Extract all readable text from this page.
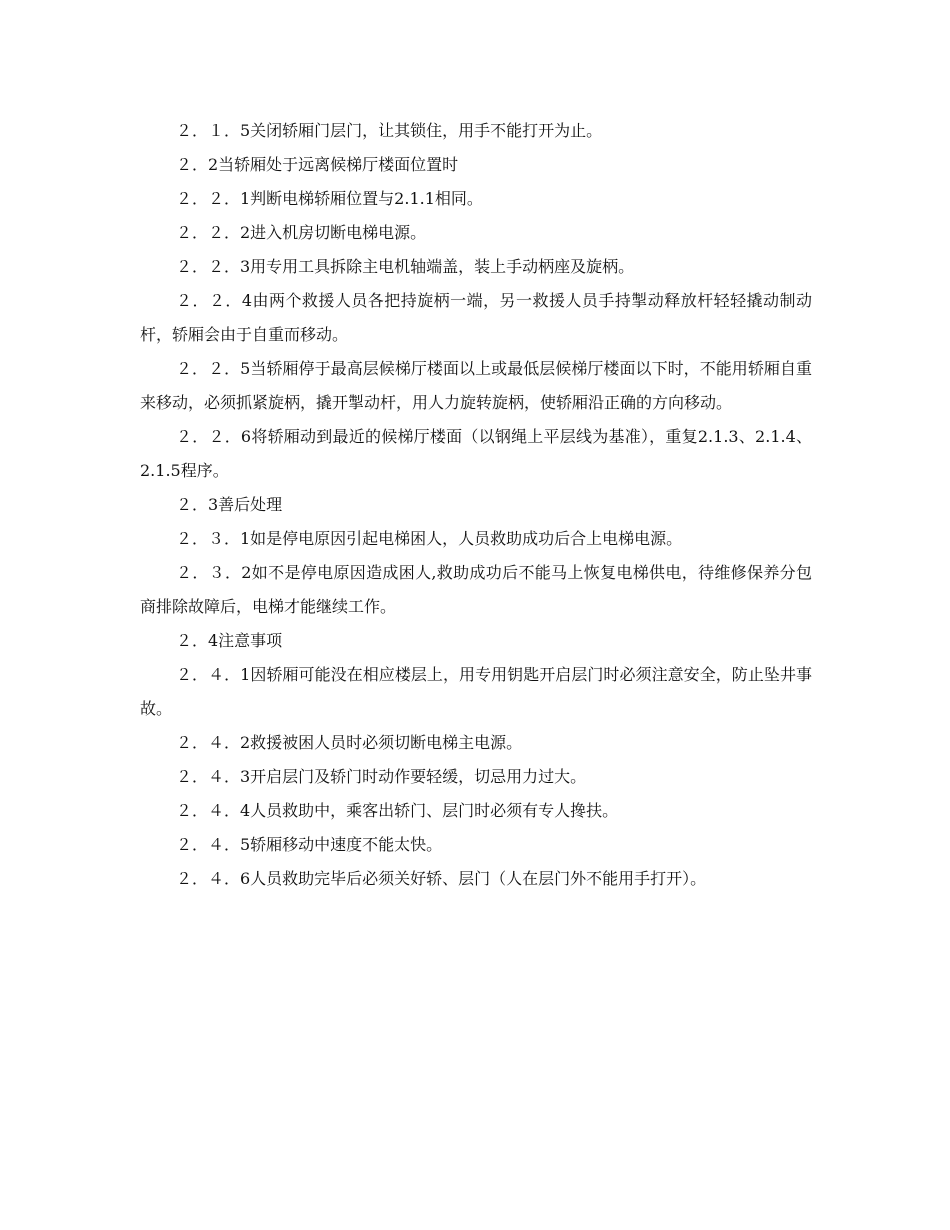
２．１．5关闭轿厢门层门，让其锁住，用手不能打开为止。

２．2当轿厢处于远离候梯厅楼面位置时

２．２．1判断电梯轿厢位置与2.1.1相同。

２．２．2进入机房切断电梯电源。

２．２．3用专用工具拆除主电机轴端盖，装上手动柄座及旋柄。

２．２．4由两个救援人员各把持旋柄一端，另一救援人员手持掣动释放杆轻轻撬动制动杆，轿厢会由于自重而移动。

２．２．5当轿厢停于最高层候梯厅楼面以上或最低层候梯厅楼面以下时，不能用轿厢自重来移动，必须抓紧旋柄，撬开掣动杆，用人力旋转旋柄，使轿厢沿正确的方向移动。

２．２．6将轿厢动到最近的候梯厅楼面（以钢绳上平层线为基准），重复2.1.3、2.1.4、2.1.5程序。

２．3善后处理

２．３．1如是停电原因引起电梯困人，人员救助成功后合上电梯电源。

２．３．2如不是停电原因造成困人,救助成功后不能马上恢复电梯供电，待维修保养分包商排除故障后，电梯才能继续工作。

２．4注意事项

２．４．1因轿厢可能没在相应楼层上，用专用钥匙开启层门时必须注意安全，防止坠井事故。

２．４．2救援被困人员时必须切断电梯主电源。

２．４．3开启层门及轿门时动作要轻缓，切忌用力过大。

２．４．4人员救助中，乘客出轿门、层门时必须有专人搀扶。

２．４．5轿厢移动中速度不能太快。

２．４．6人员救助完毕后必须关好轿、层门（人在层门外不能用手打开）。
